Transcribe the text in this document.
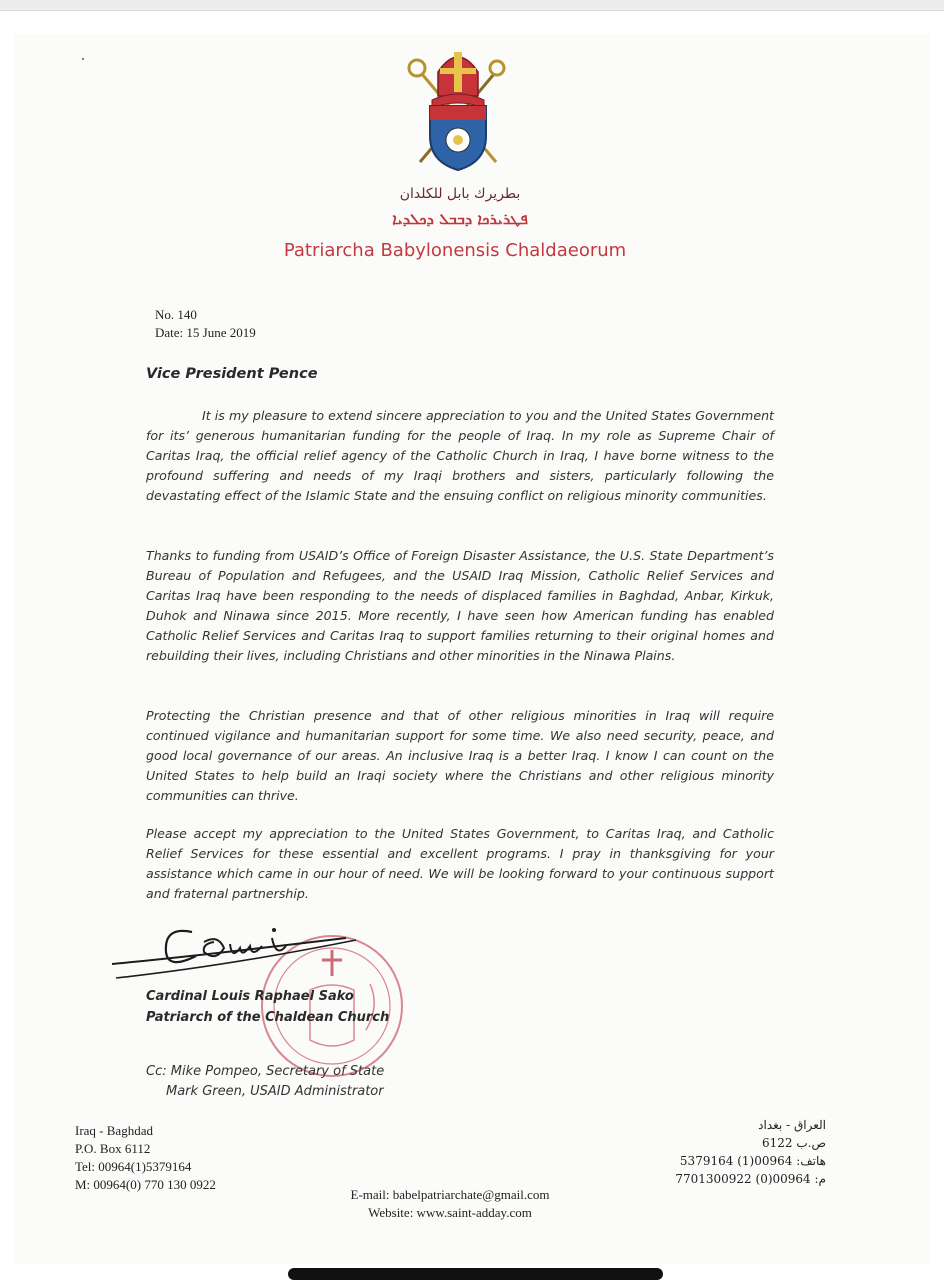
بطريرك بابل للكلدان
ܦܛܪܝܪܟܐ ܕܒܒܠ ܕܟܠܕܝܐ
Patriarcha Babylonensis Chaldaeorum
No. 140
Date: 15 June 2019
Vice President Pence
It is my pleasure to extend sincere appreciation to you and the United States Government for its’ generous humanitarian funding for the people of Iraq. In my role as Supreme Chair of Caritas Iraq, the official relief agency of the Catholic Church in Iraq, I have borne witness to the profound suffering and needs of my Iraqi brothers and sisters, particularly following the devastating effect of the Islamic State and the ensuing conflict on religious minority communities.
Thanks to funding from USAID’s Office of Foreign Disaster Assistance, the U.S. State Department’s Bureau of Population and Refugees, and the USAID Iraq Mission, Catholic Relief Services and Caritas Iraq have been responding to the needs of displaced families in Baghdad, Anbar, Kirkuk, Duhok and Ninawa since 2015. More recently, I have seen how American funding has enabled Catholic Relief Services and Caritas Iraq to support families returning to their original homes and rebuilding their lives, including Christians and other minorities in the Ninawa Plains.
Protecting the Christian presence and that of other religious minorities in Iraq will require continued vigilance and humanitarian support for some time. We also need security, peace, and good local governance of our areas. An inclusive Iraq is a better Iraq. I know I can count on the United States to help build an Iraqi society where the Christians and other religious minority communities can thrive.
Please accept my appreciation to the United States Government, to Caritas Iraq, and Catholic Relief Services for these essential and excellent programs. I pray in thanksgiving for your assistance which came in our hour of need. We will be looking forward to your continuous support and fraternal partnership.
Cardinal Louis Raphael Sako
Patriarch of the Chaldean Church
Cc: Mike Pompeo, Secretary of State
Mark Green, USAID Administrator
Iraq - Baghdad
P.O. Box 6112
Tel: 00964(1)5379164
M: 00964(0) 770 130 0922
العراق - بغداد
ص.ب 6122
هاتف: 00964(1) 5379164
م: 00964(0) 7701300922
E-mail: babelpatriarchate@gmail.com
Website: www.saint-adday.com
